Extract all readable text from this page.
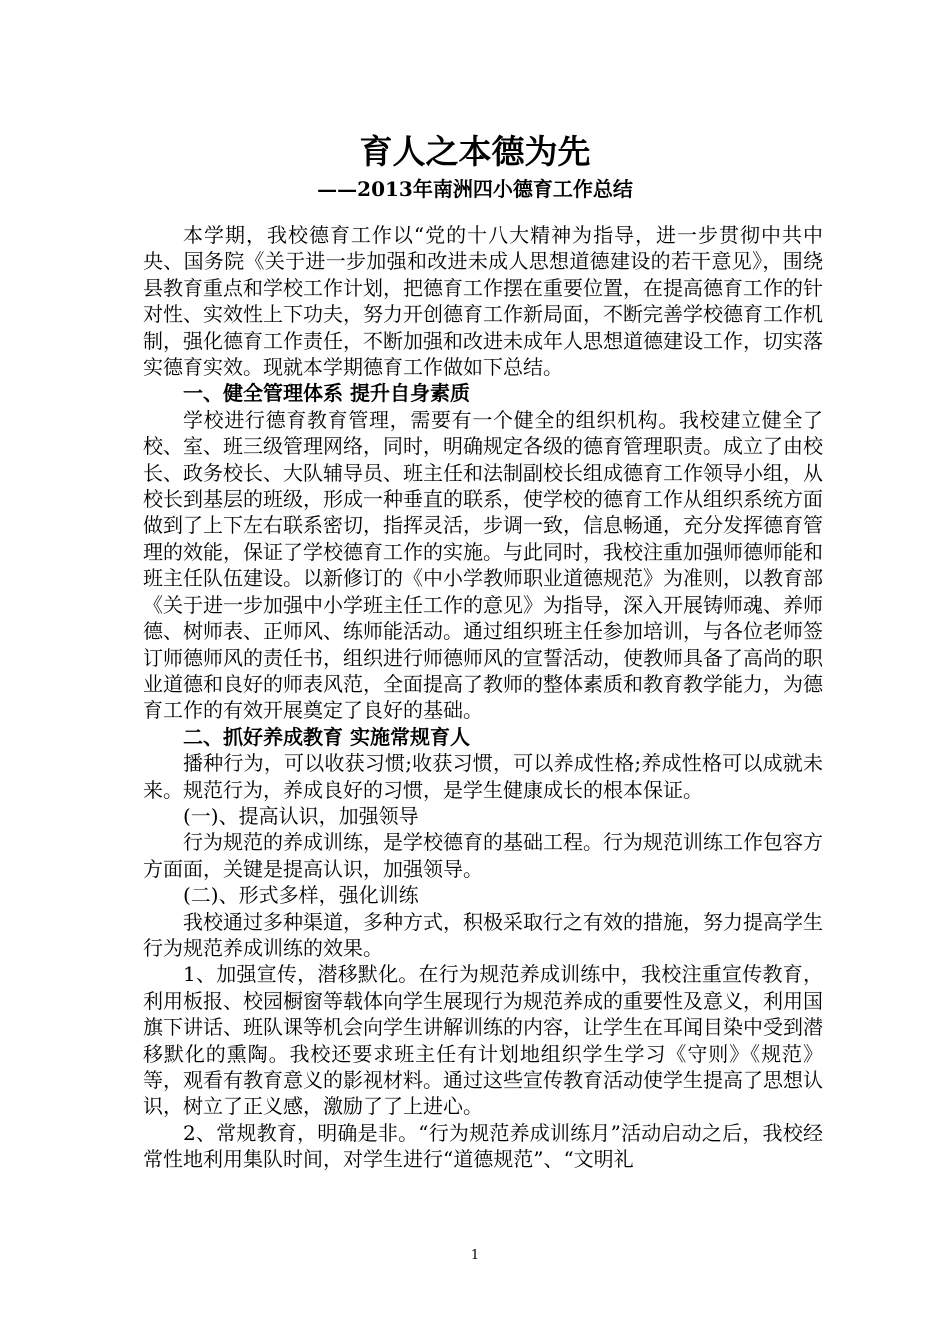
育人之本德为先
——2013年南洲四小德育工作总结

本学期，我校德育工作以“党的十八大精神为指导，进一步贯彻中共中央、国务院《关于进一步加强和改进未成人思想道德建设的若干意见》，围绕县教育重点和学校工作计划，把德育工作摆在重要位置，在提高德育工作的针对性、实效性上下功夫，努力开创德育工作新局面，不断完善学校德育工作机制，强化德育工作责任，不断加强和改进未成年人思想道德建设工作，切实落实德育实效。现就本学期德育工作做如下总结。

一、健全管理体系 提升自身素质

学校进行德育教育管理，需要有一个健全的组织机构。我校建立健全了校、室、班三级管理网络，同时，明确规定各级的德育管理职责。成立了由校长、政务校长、大队辅导员、班主任和法制副校长组成德育工作领导小组，从校长到基层的班级，形成一种垂直的联系，使学校的德育工作从组织系统方面做到了上下左右联系密切，指挥灵活，步调一致，信息畅通，充分发挥德育管理的效能，保证了学校德育工作的实施。与此同时，我校注重加强师德师能和班主任队伍建设。以新修订的《中小学教师职业道德规范》为准则，以教育部《关于进一步加强中小学班主任工作的意见》为指导，深入开展铸师魂、养师德、树师表、正师风、练师能活动。通过组织班主任参加培训，与各位老师签订师德师风的责任书，组织进行师德师风的宣誓活动，使教师具备了高尚的职业道德和良好的师表风范，全面提高了教师的整体素质和教育教学能力，为德育工作的有效开展奠定了良好的基础。

二、抓好养成教育 实施常规育人

播种行为，可以收获习惯;收获习惯，可以养成性格;养成性格可以成就未来。规范行为，养成良好的习惯，是学生健康成长的根本保证。

(一)、提高认识，加强领导

行为规范的养成训练，是学校德育的基础工程。行为规范训练工作包容方方面面，关键是提高认识，加强领导。

(二)、形式多样，强化训练

我校通过多种渠道，多种方式，积极采取行之有效的措施，努力提高学生行为规范养成训练的效果。

1、加强宣传，潜移默化。在行为规范养成训练中，我校注重宣传教育，利用板报、校园橱窗等载体向学生展现行为规范养成的重要性及意义，利用国旗下讲话、班队课等机会向学生讲解训练的内容，让学生在耳闻目染中受到潜移默化的熏陶。我校还要求班主任有计划地组织学生学习《守则》《规范》等，观看有教育意义的影视材料。通过这些宣传教育活动使学生提高了思想认识，树立了正义感，激励了了上进心。

2、常规教育，明确是非。“行为规范养成训练月”活动启动之后，我校经常性地利用集队时间，对学生进行“道德规范”、“文明礼

1
